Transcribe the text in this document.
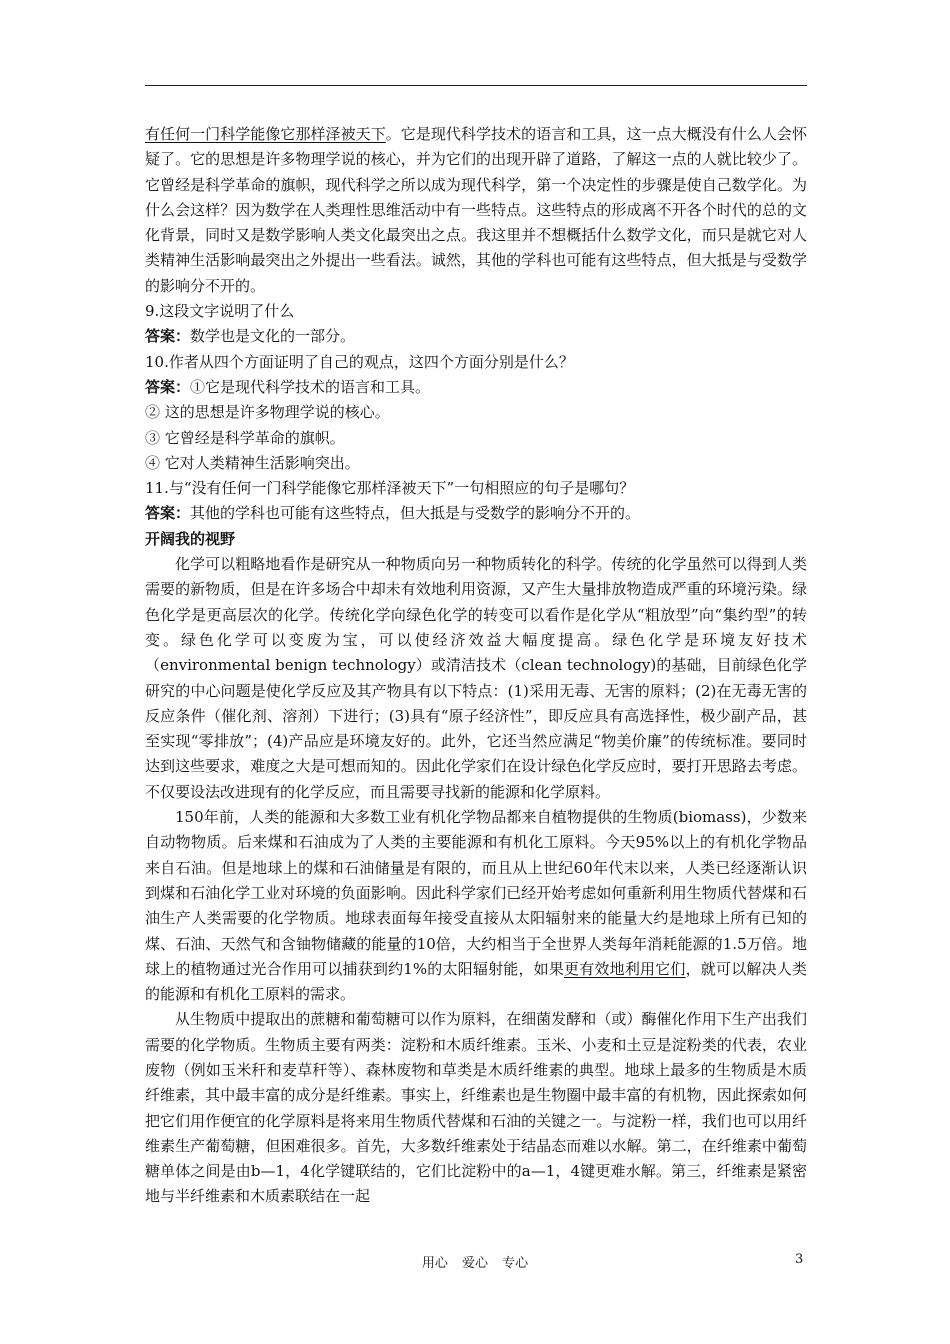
有任何一门科学能像它那样泽被天下。它是现代科学技术的语言和工具，这一点大概没有什么人会怀疑了。它的思想是许多物理学说的核心，并为它们的出现开辟了道路，了解这一点的人就比较少了。它曾经是科学革命的旗帜，现代科学之所以成为现代科学，第一个决定性的步骤是使自己数学化。为什么会这样？因为数学在人类理性思维活动中有一些特点。这些特点的形成离不开各个时代的总的文化背景，同时又是数学影响人类文化最突出之点。我这里并不想概括什么数学文化，而只是就它对人类精神生活影响最突出之外提出一些看法。诚然，其他的学科也可能有这些特点，但大抵是与受数学的影响分不开的。

9.这段文字说明了什么

答案：数学也是文化的一部分。

10.作者从四个方面证明了自己的观点，这四个方面分别是什么？

答案：①它是现代科学技术的语言和工具。

② 这的思想是许多物理学说的核心。

③ 它曾经是科学革命的旗帜。

④ 它对人类精神生活影响突出。

11.与“没有任何一门科学能像它那样泽被天下”一句相照应的句子是哪句？

答案：其他的学科也可能有这些特点，但大抵是与受数学的影响分不开的。

开阔我的视野

化学可以粗略地看作是研究从一种物质向另一种物质转化的科学。传统的化学虽然可以得到人类需要的新物质，但是在许多场合中却未有效地利用资源，又产生大量排放物造成严重的环境污染。绿色化学是更高层次的化学。传统化学向绿色化学的转变可以看作是化学从“粗放型”向“集约型”的转变。绿色化学可以变废为宝，可以使经济效益大幅度提高。绿色化学是环境友好技术（environmental benign technology）或清洁技术（clean technology)的基础，目前绿色化学研究的中心问题是使化学反应及其产物具有以下特点：(1)采用无毒、无害的原料；(2)在无毒无害的反应条件（催化剂、溶剂）下进行；(3)具有“原子经济性”，即反应具有高选择性，极少副产品，甚至实现“零排放”；(4)产品应是环境友好的。此外，它还当然应满足“物美价廉”的传统标准。要同时达到这些要求，难度之大是可想而知的。因此化学家们在设计绿色化学反应时，要打开思路去考虑。不仅要设法改进现有的化学反应，而且需要寻找新的能源和化学原料。

150年前，人类的能源和大多数工业有机化学物品都来自植物提供的生物质(biomass)，少数来自动物物质。后来煤和石油成为了人类的主要能源和有机化工原料。今天95%以上的有机化学物品来自石油。但是地球上的煤和石油储量是有限的，而且从上世纪60年代末以来，人类已经逐渐认识到煤和石油化学工业对环境的负面影响。因此科学家们已经开始考虑如何重新利用生物质代替煤和石油生产人类需要的化学物质。地球表面每年接受直接从太阳辐射来的能量大约是地球上所有已知的煤、石油、天然气和含铀物储藏的能量的10倍，大约相当于全世界人类每年消耗能源的1.5万倍。地球上的植物通过光合作用可以捕获到约1%的太阳辐射能，如果更有效地利用它们，就可以解决人类的能源和有机化工原料的需求。

从生物质中提取出的蔗糖和葡萄糖可以作为原料，在细菌发酵和（或）酶催化作用下生产出我们需要的化学物质。生物质主要有两类：淀粉和木质纤维素。玉米、小麦和土豆是淀粉类的代表，农业废物（例如玉米秆和麦草秆等）、森林废物和草类是木质纤维素的典型。地球上最多的生物质是木质纤维素，其中最丰富的成分是纤维素。事实上，纤维素也是生物圈中最丰富的有机物，因此探索如何把它们用作便宜的化学原料是将来用生物质代替煤和石油的关键之一。与淀粉一样，我们也可以用纤维素生产葡萄糖，但困难很多。首先，大多数纤维素处于结晶态而难以水解。第二，在纤维素中葡萄糖单体之间是由b—1，4化学键联结的，它们比淀粉中的a—1，4键更难水解。第三，纤维素是紧密地与半纤维素和木质素联结在一起

用心 爱心 专心	3
